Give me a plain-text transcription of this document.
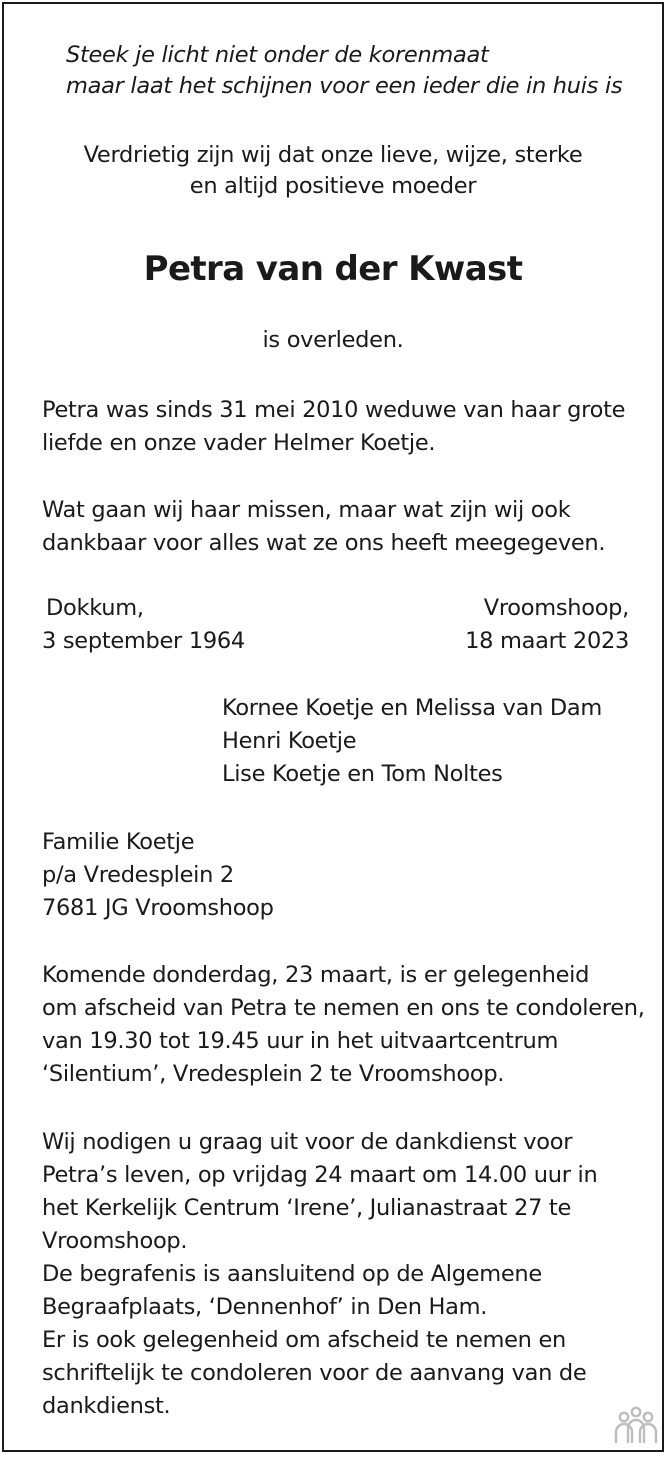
Steek je licht niet onder de korenmaat
maar laat het schijnen voor een ieder die in huis is
Verdrietig zijn wij dat onze lieve, wijze, sterke
en altijd positieve moeder
Petra van der Kwast
is overleden.
Petra was sinds 31 mei 2010 weduwe van haar grote
liefde en onze vader Helmer Koetje.
Wat gaan wij haar missen, maar wat zijn wij ook
dankbaar voor alles wat ze ons heeft meegegeven.
Dokkum,
3 september 1964
Vroomshoop,
18 maart 2023
Kornee Koetje en Melissa van Dam
Henri Koetje
Lise Koetje en Tom Noltes
Familie Koetje
p/a Vredesplein 2
7681 JG Vroomshoop
Komende donderdag, 23 maart, is er gelegenheid
om afscheid van Petra te nemen en ons te condoleren,
van 19.30 tot 19.45 uur in het uitvaartcentrum
‘Silentium’, Vredesplein 2 te Vroomshoop.
Wij nodigen u graag uit voor de dankdienst voor
Petra’s leven, op vrijdag 24 maart om 14.00 uur in
het Kerkelijk Centrum ‘Irene’, Julianastraat 27 te
Vroomshoop.
De begrafenis is aansluitend op de Algemene
Begraafplaats, ‘Dennenhof’ in Den Ham.
Er is ook gelegenheid om afscheid te nemen en
schriftelijk te condoleren voor de aanvang van de
dankdienst.
